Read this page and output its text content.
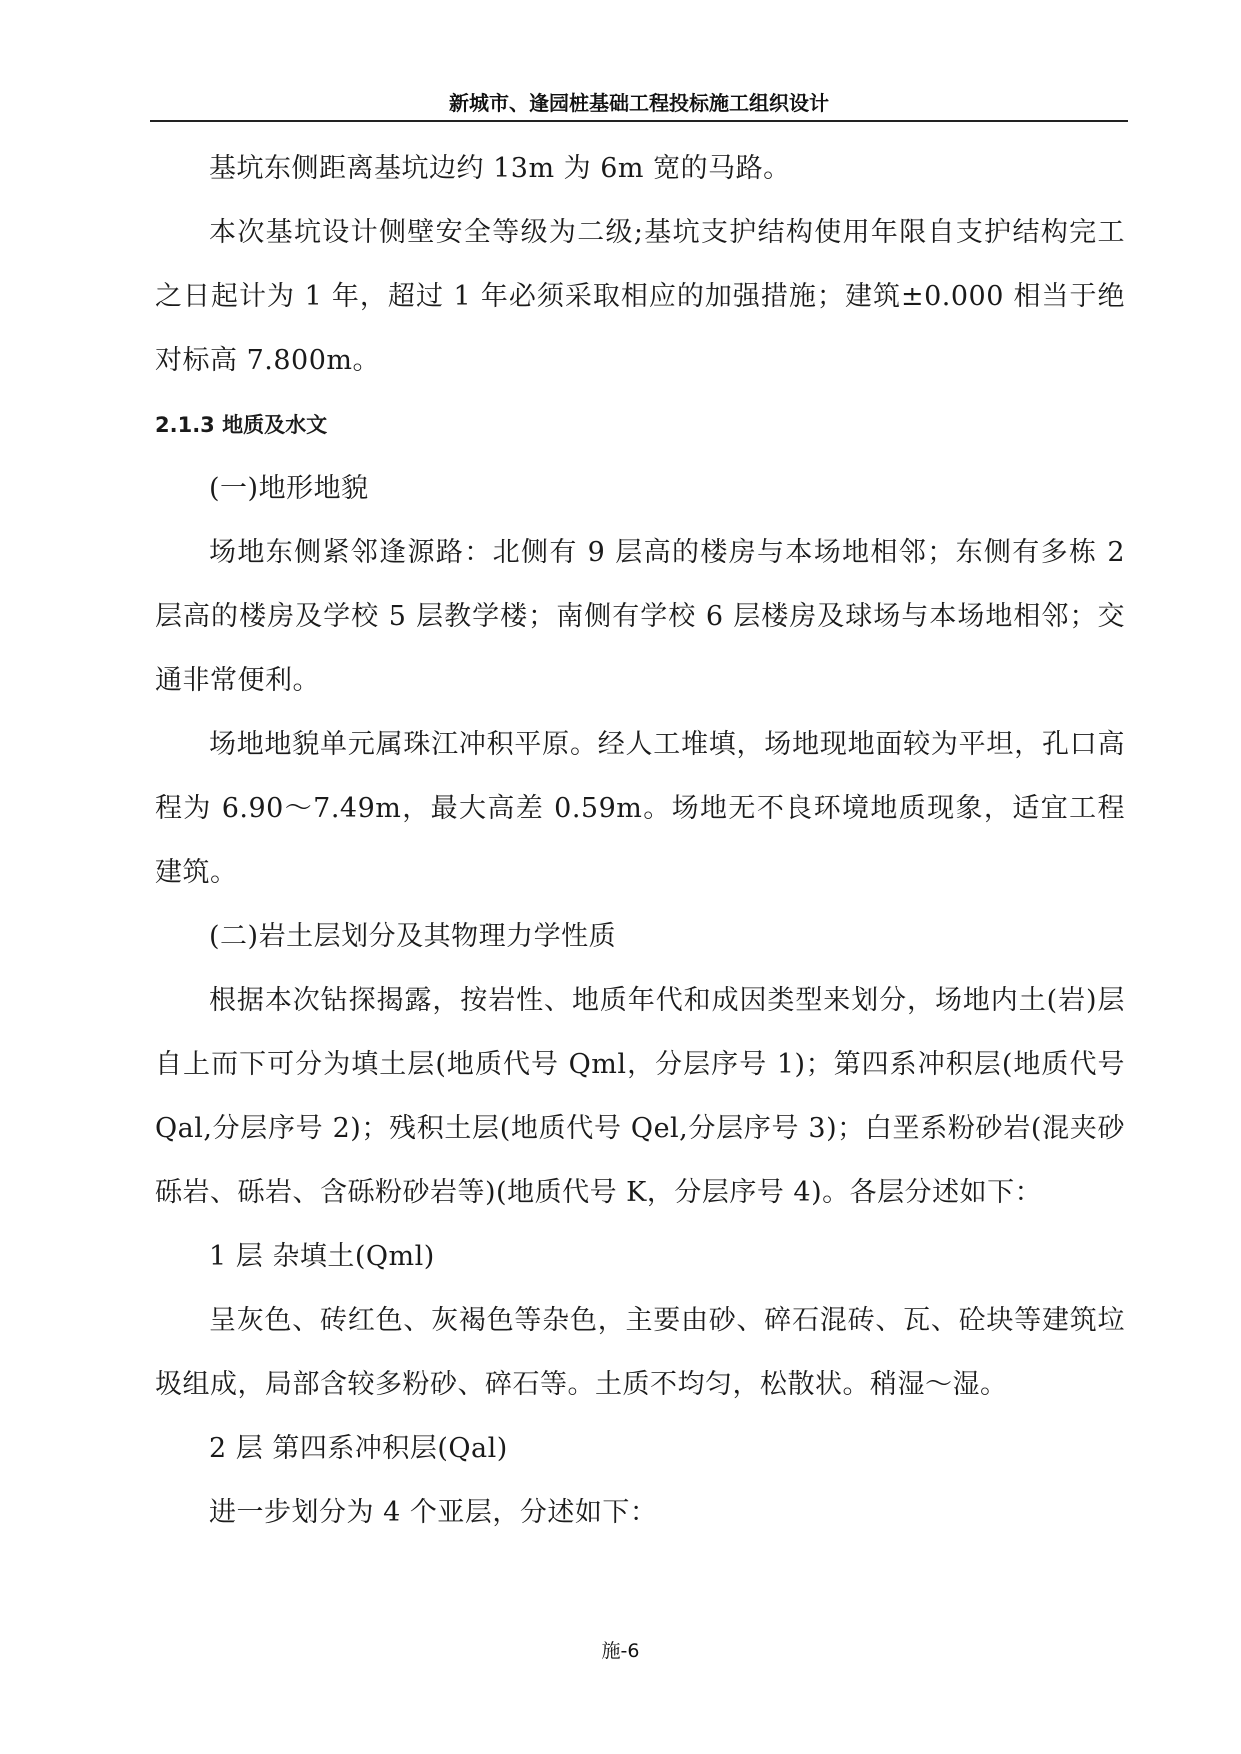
新城市、逢园桩基础工程投标施工组织设计

基坑东侧距离基坑边约 13m 为 6m 宽的马路。

本次基坑设计侧壁安全等级为二级;基坑支护结构使用年限自支护结构完工之日起计为 1 年，超过 1 年必须采取相应的加强措施；建筑±0.000 相当于绝对标高 7.800m。

2.1.3 地质及水文

(一)地形地貌

场地东侧紧邻逢源路：北侧有 9 层高的楼房与本场地相邻；东侧有多栋 2 层高的楼房及学校 5 层教学楼；南侧有学校 6 层楼房及球场与本场地相邻；交通非常便利。

场地地貌单元属珠江冲积平原。经人工堆填，场地现地面较为平坦，孔口高程为 6.90～7.49m，最大高差 0.59m。场地无不良环境地质现象，适宜工程建筑。

(二)岩土层划分及其物理力学性质

根据本次钻探揭露，按岩性、地质年代和成因类型来划分，场地内土(岩)层自上而下可分为填土层(地质代号 Qml，分层序号 1)；第四系冲积层(地质代号 Qal,分层序号 2)；残积土层(地质代号 Qel,分层序号 3)；白垩系粉砂岩(混夹砂砾岩、砾岩、含砾粉砂岩等)(地质代号 K，分层序号 4)。各层分述如下：

1 层 杂填土(Qml)

呈灰色、砖红色、灰褐色等杂色，主要由砂、碎石混砖、瓦、砼块等建筑垃圾组成，局部含较多粉砂、碎石等。土质不均匀，松散状。稍湿～湿。

2 层 第四系冲积层(Qal)

进一步划分为 4 个亚层，分述如下：

施-6
